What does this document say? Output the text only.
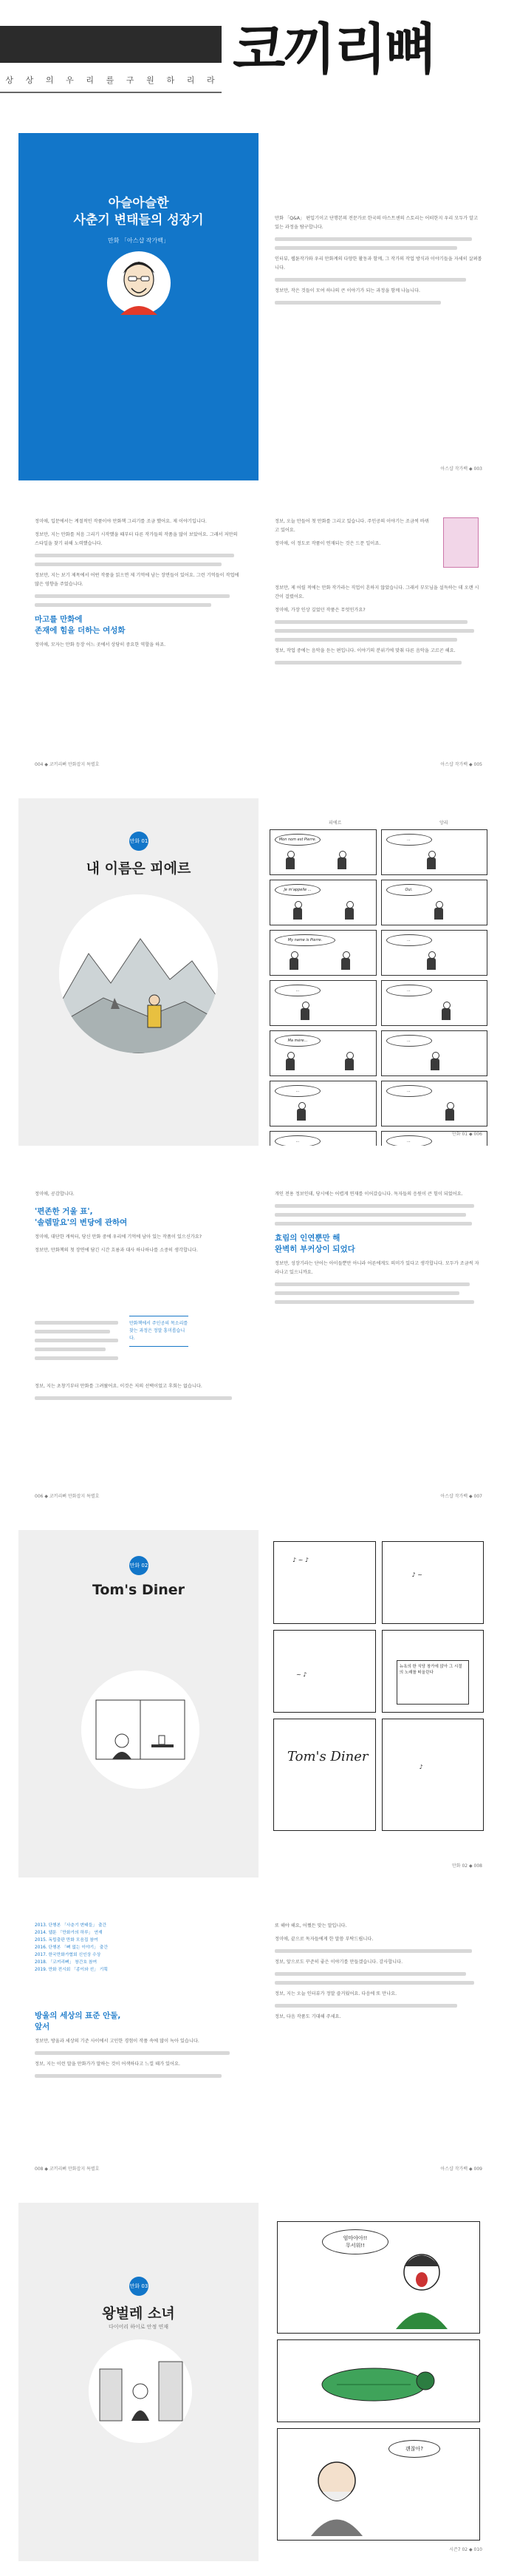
상 상 의 우 리 를 구 원 하 리 라 코끼리뼈
아슬아슬한
사춘기 변태들의 성장기
만화 「아스샵 작가백」

만화 「Q&A」 편입기이고 단행본의 전문가로 한국의 마스트센의 스토리는 어떠한지 우리 모두가 알고 있는 과정을 탐구합니다.

인터뷰, 웹툰작가와 우리 만화계의 다양한 활동과 함께, 그 작가의 작업 방식과 이야기들을 자세히 살펴봅니다.

정보만, 작은 것들이 모여 하나의 큰 이야기가 되는 과정을 함께 나눕니다.

아스샵 작가백 ◆ 003

정미애, 입문에서는 계절적인 작품이야 만화책 그리기를 조금 했어요. 제 이야기입니다.

정보만, 지는 만화를 처음 그리기 시작했을 때부터 다른 작가들의 작품을 많이 보았어요. 그래서 저만의 스타일을 찾기 위해 노력했습니다.

정보만, 지는 보기 제목에서 어떤 작품을 읽으면 제 기억에 남는 장면들이 있어요. 그런 기억들이 작업에 많은 영향을 주었습니다.

마고를 만화에
존재에 힘을 더하는 여성화

정미애, 모자는 만화 등장 어느 곳에서 상당히 중요한 역할을 하죠.

004 ◆ 코끼리뼈 만화잡지 특별호

정보, 오늘 만들어 첫 만화를 그리고 있습니다. 주인공의 이야기는 조금씩 바뀌고 있어요.

정미애, 이 정도로 작품이 연재되는 것은 드문 일이죠.

정보만, 제 어릴 적에는 만화 작가라는 직업이 흔하지 않았습니다. 그래서 부모님을 설득하는 데 오랜 시간이 걸렸어요.

정미애, 가장 인상 깊었던 작품은 무엇인가요?

정보, 작업 중에는 음악을 듣는 편입니다. 이야기의 분위기에 맞춰 다른 음악을 고르곤 해요.

아스샵 작가백 ◆ 005
만화 01
내 이름은 피에르
피에르	앙리
Mon nom est Pierre.	...
Je m'appelle ...	Oui.
My name is Pierre.	...
...	...
Ma mère...	...
...	...
...	...
만화 01 ◆ 006

정미애, 공감합니다.

'편존한 거울 표',
'솔렘말요'의 변당에 관하여

정미애, 대단한 캐릭터, 당신 만화 중에 우리에 기억에 남아 있는 작품이 있으신가요?

정보만, 만화책의 첫 장면에 담긴 시간 흐름과 대사 하나하나를 소중히 생각합니다.

만화책에서 주인공의 목소리를 찾는 과정은 정말 흥미롭습니다.

정보, 지는 초창기부터 만화를 그려왔어요. 이것은 저의 선택이었고 후회는 없습니다.

006 ◆ 코끼리뼈 만화잡지 특별호

개인 전용 정보인데, 당시에는 어렵게 연재를 이어갔습니다. 독자들의 응원이 큰 힘이 되었어요.

효림의 인연뿐만 해
완벽히 부커상이 되었다

정보만, 성장기라는 단어는 아이들뿐만 아니라 어른에게도 의미가 있다고 생각합니다. 모두가 조금씩 자라나고 있으니까요.

아스샵 작가백 ◆ 007
만화 02
Tom's Diner
♪ ~ ♪
♪ ~
~ ♪
뉴욕의 한 식당 창가에 앉아 그 시절의 노래를 떠올린다
Tom's Diner
♪
만화 02 ◆ 008
2013. 단행본 「사춘기 변태들」 출간
2014. 웹툰 「만화가의 하루」 연재
2015. 독립출판 만화 모음집 참여
2016. 단행본 「뼈 없는 이야기」 출간
2017. 한국만화가협회 신인상 수상
2018. 「코끼리뼈」 창간호 참여
2019. 만화 전시회 「종이와 선」 기획
방울의 세상의 표준 안둘,
앞서

정보만, 방울과 세상의 기준 사이에서 고민한 경험이 작품 속에 많이 녹아 있습니다.

정보, 지는 이런 말을 만화가가 말하는 것이 어색하다고 느낄 때가 있어요.

008 ◆ 코끼리뼈 만화잡지 특별호

또 해야 해요, 어쨌든 맞는 말입니다.

정미애, 끝으로 독자들에게 한 말씀 부탁드립니다.

정보, 앞으로도 꾸준히 좋은 이야기를 만들겠습니다. 감사합니다.

정보, 지는 오늘 인터뷰가 정말 즐거웠어요. 다음에 또 만나요.

정보, 다음 작품도 기대해 주세요.

아스샵 작가백 ◆ 009
만화 03
왕벌레 소녀
다이어리 하이로 안정 연재
엄마야아!!
무서워!!
괜찮아?
시즌7 02 ◆ 010
